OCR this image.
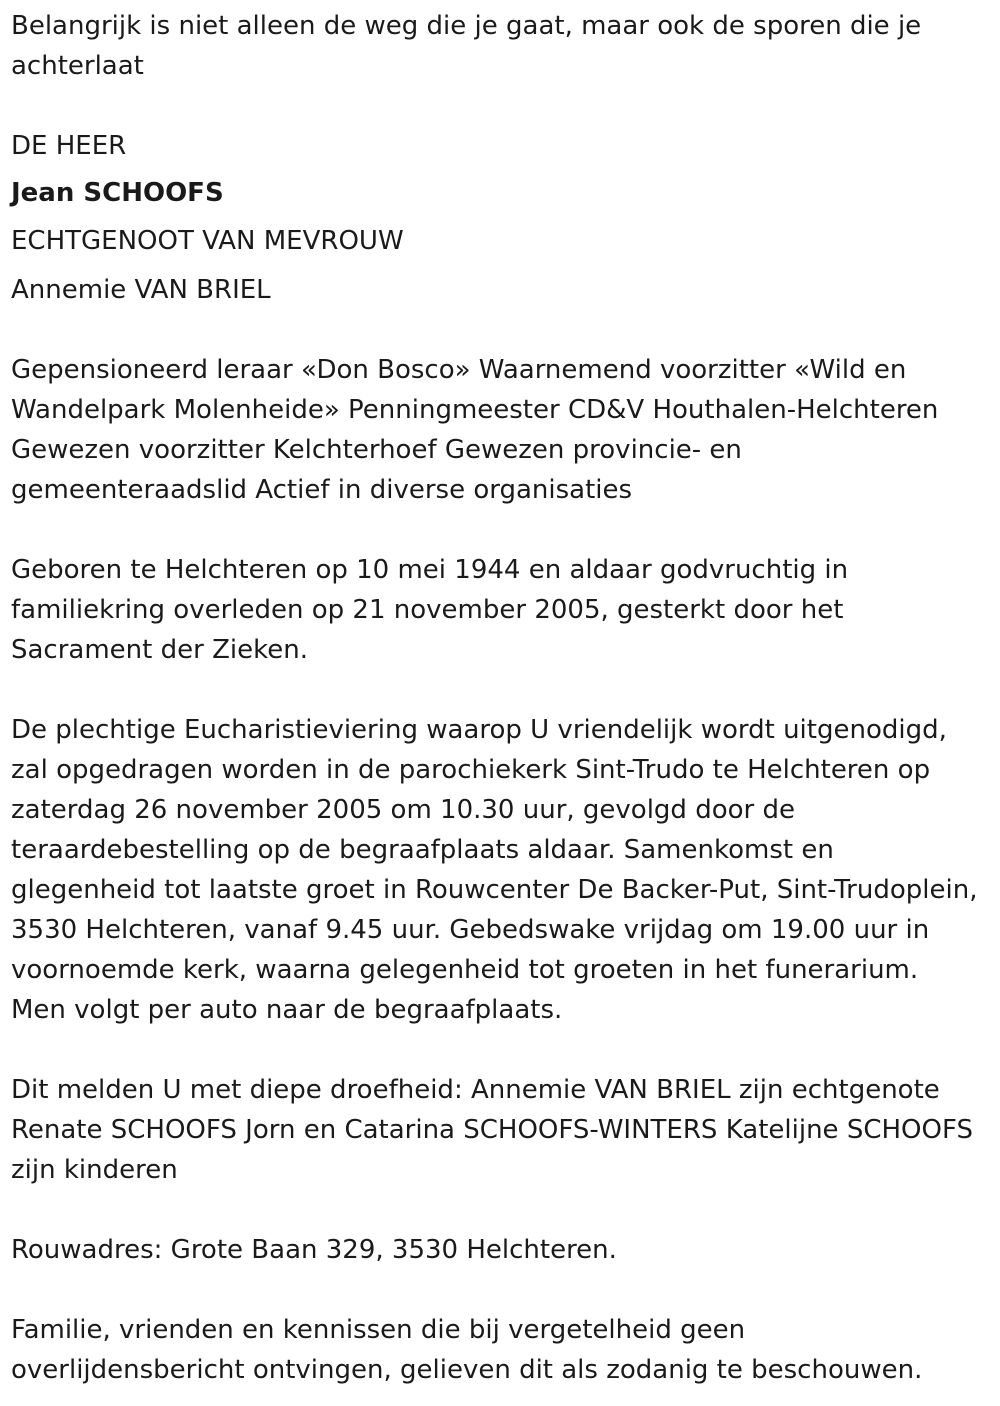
Belangrijk is niet alleen de weg die je gaat, maar ook de sporen die je achterlaat

DE HEER

Jean SCHOOFS

ECHTGENOOT VAN MEVROUW

Annemie VAN BRIEL

Gepensioneerd leraar «Don Bosco» Waarnemend voorzitter «Wild en Wandelpark Molenheide» Penningmeester CD&V Houthalen-Helchteren Gewezen voorzitter Kelchterhoef Gewezen provincie- en gemeenteraadslid Actief in diverse organisaties

Geboren te Helchteren op 10 mei 1944 en aldaar godvruchtig in familiekring overleden op 21 november 2005, gesterkt door het Sacrament der Zieken.

De plechtige Eucharistieviering waarop U vriendelijk wordt uitgenodigd, zal opgedragen worden in de parochiekerk Sint-Trudo te Helchteren op zaterdag 26 november 2005 om 10.30 uur, gevolgd door de teraardebestelling op de begraafplaats aldaar. Samenkomst en glegenheid tot laatste groet in Rouwcenter De Backer-Put, Sint-Trudoplein, 3530 Helchteren, vanaf 9.45 uur. Gebedswake vrijdag om 19.00 uur in voornoemde kerk, waarna gelegenheid tot groeten in het funerarium. Men volgt per auto naar de begraafplaats.

Dit melden U met diepe droefheid: Annemie VAN BRIEL zijn echtgenote Renate SCHOOFS Jorn en Catarina SCHOOFS-WINTERS Katelijne SCHOOFS zijn kinderen

Rouwadres: Grote Baan 329, 3530 Helchteren.

Familie, vrienden en kennissen die bij vergetelheid geen overlijdensbericht ontvingen, gelieven dit als zodanig te beschouwen.
